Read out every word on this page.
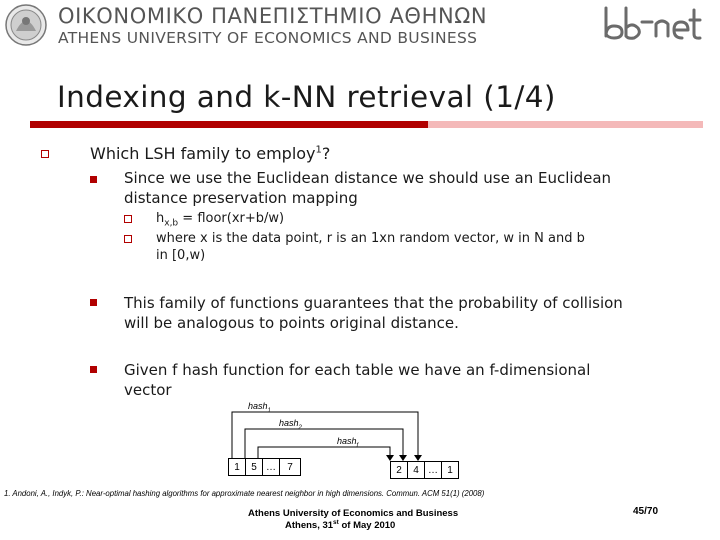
ΟΙΚΟΝΟΜΙΚΟ ΠΑΝΕΠΙΣΤΗΜΙΟ ΑΘΗΝΩΝ
ATHENS UNIVERSITY OF ECONOMICS AND BUSINESS
Indexing and k-NN retrieval (1/4)
Which LSH family to employ$^1$?
Since we use the Euclidean distance we should use an Euclidean
distance preservation mapping
$h_{x,b}$ = floor(xr+b/w)
where x is the data point, r is an 1xn random vector, w in N and b
in [0,w)
This family of functions guarantees that the probability of collision
will be analogous to points original distance.
Given f hash function for each table we have an f-dimensional
vector
hash$_1$
hash$_2$
hash$_f$
1	5 …	7	2	4 … 1
1. Andoni, A., Indyk, P.: Near-optimal hashing algorithms for approximate nearest neighbor in high dimensions. Commun. ACM 51(1) (2008)
Athens University of Economics and Business
Athens, 31st of May 2010
45/70
